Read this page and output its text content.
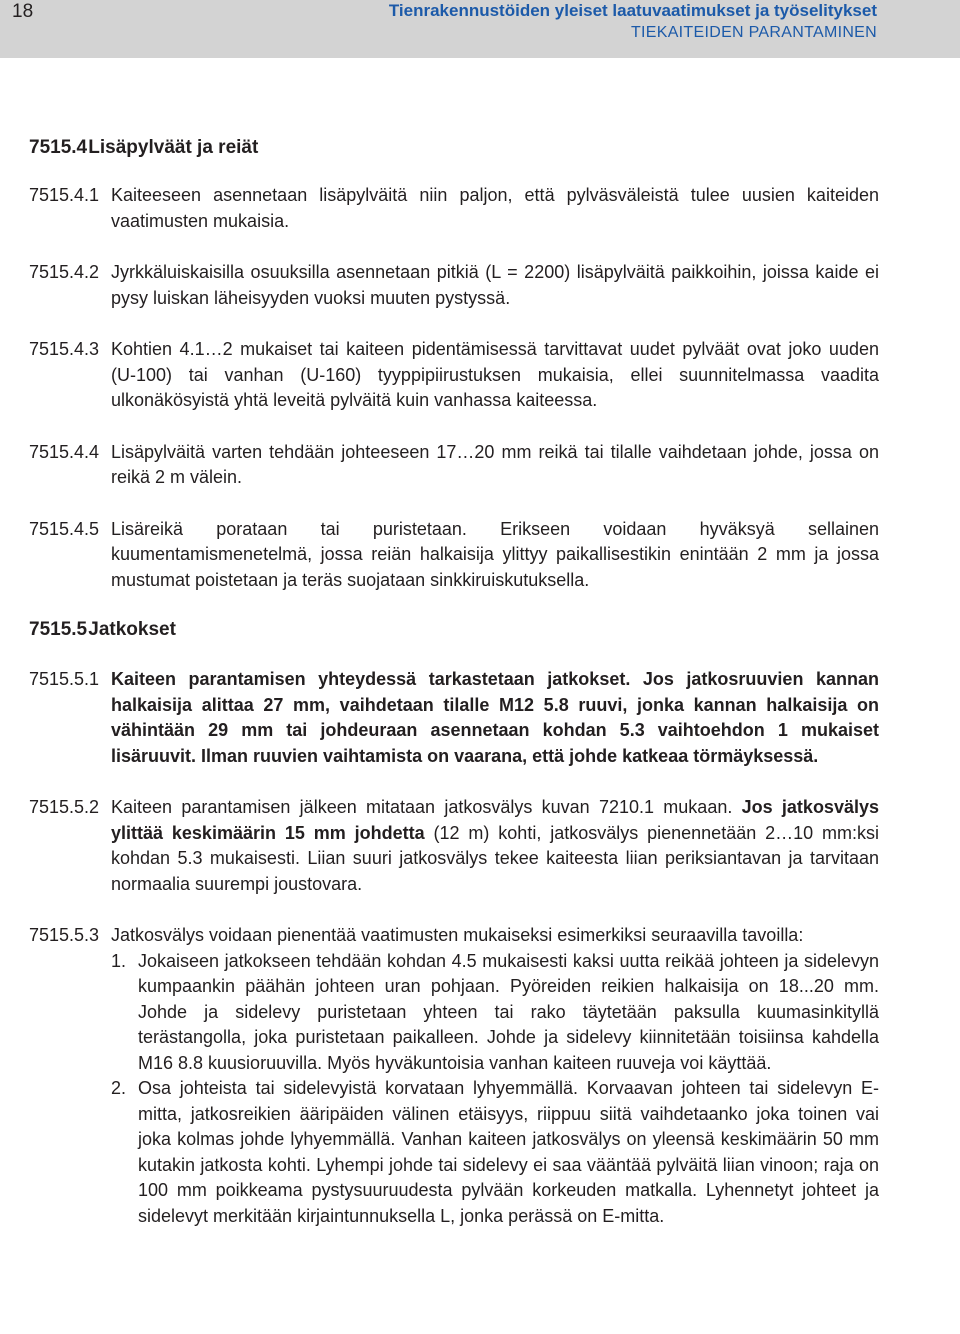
18	Tienrakennustöiden yleiset laatuvaatimukset ja työselitykset
TIEKAITEIDEN PARANTAMINEN
7515.4 Lisäpylväät ja reiät
7515.4.1 Kaiteeseen asennetaan lisäpylväitä niin paljon, että pylväsväleistä tulee uusien kaiteiden vaatimusten mukaisia.
7515.4.2 Jyrkkäluiskaisilla osuuksilla asennetaan pitkiä (L = 2200) lisäpylväitä paikkoihin, joissa kaide ei pysy luiskan läheisyyden vuoksi muuten pystyssä.
7515.4.3 Kohtien 4.1…2 mukaiset tai kaiteen pidentämisessä tarvittavat uudet pylväät ovat joko uuden (U-100) tai vanhan (U-160) tyyppipiirustuksen mukaisia, ellei suunnitelmassa vaadita ulkonäkösyistä yhtä leveitä pylväitä kuin vanhassa kaiteessa.
7515.4.4 Lisäpylväitä varten tehdään johteeseen 17…20 mm reikä tai tilalle vaihdetaan johde, jossa on reikä 2 m välein.
7515.4.5 Lisäreikä porataan tai puristetaan. Erikseen voidaan hyväksyä sellainen kuumentamismenetelmä, jossa reiän halkaisija ylittyy paikallisestikin enintään 2 mm ja jossa mustumat poistetaan ja teräs suojataan sinkkiruiskutuksella.
7515.5 Jatkokset
7515.5.1 Kaiteen parantamisen yhteydessä tarkastetaan jatkokset. Jos jatkosruuvien kannan halkaisija alittaa 27 mm, vaihdetaan tilalle M12 5.8 ruuvi, jonka kannan halkaisija on vähintään 29 mm tai johdeuraan asennetaan kohdan 5.3 vaihtoehdon 1 mukaiset lisäruuvit. Ilman ruuvien vaihtamista on vaarana, että johde katkeaa törmäyksessä.
7515.5.2 Kaiteen parantamisen jälkeen mitataan jatkosvälys kuvan 7210.1 mukaan. Jos jatkosvälys ylittää keskimäärin 15 mm johdetta (12 m) kohti, jatkosvälys pienennetään 2…10 mm:ksi kohdan 5.3 mukaisesti. Liian suuri jatkosvälys tekee kaiteesta liian periksiantavan ja tarvitaan normaalia suurempi joustovara.
7515.5.3 Jatkosvälys voidaan pienentää vaatimusten mukaiseksi esimerkiksi seuraavilla tavoilla:
1. Jokaiseen jatkokseen tehdään kohdan 4.5 mukaisesti kaksi uutta reikää johteen ja sidelevyn kumpaankin päähän johteen uran pohjaan. Pyöreiden reikien halkaisija on 18...20 mm. Johde ja sidelevy puristetaan yhteen tai rako täytetään paksulla kuumasinkityllä terästangolla, joka puristetaan paikalleen. Johde ja sidelevy kiinnitetään toisiinsa kahdella M16 8.8 kuusioruuvilla. Myös hyväkuntoisia vanhan kaiteen ruuveja voi käyttää.
2. Osa johteista tai sidelevyistä korvataan lyhyemmällä. Korvaavan johteen tai sidelevyn E-mitta, jatkosreikien ääripäiden välinen etäisyys, riippuu siitä vaihdetaanko joka toinen vai joka kolmas johde lyhyemmällä. Vanhan kaiteen jatkosvälys on yleensä keskimäärin 50 mm kutakin jatkosta kohti. Lyhempi johde tai sidelevy ei saa vääntää pylväitä liian vinoon; raja on 100 mm poikkeama pystysuuruudesta pylvään korkeuden matkalla. Lyhennetyt johteet ja sidelevyt merkitään kirjaintunnuksella L, jonka perässä on E-mitta.
